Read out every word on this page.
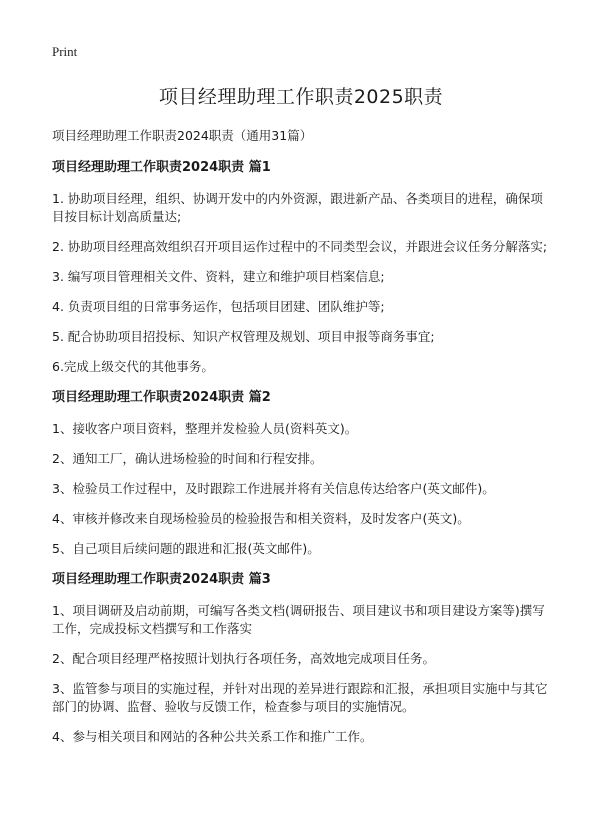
Print
项目经理助理工作职责2025职责
项目经理助理工作职责2024职责（通用31篇）
项目经理助理工作职责2024职责 篇1

1. 协助项目经理，组织、协调开发中的内外资源，跟进新产品、各类项目的进程，确保项目按目标计划高质量达;

2. 协助项目经理高效组织召开项目运作过程中的不同类型会议，并跟进会议任务分解落实;

3. 编写项目管理相关文件、资料，建立和维护项目档案信息;

4. 负责项目组的日常事务运作，包括项目团建、团队维护等;

5. 配合协助项目招投标、知识产权管理及规划、项目申报等商务事宜;

6.完成上级交代的其他事务。

项目经理助理工作职责2024职责 篇2

1、接收客户项目资料，整理并发检验人员(资料英文)。

2、通知工厂，确认进场检验的时间和行程安排。

3、检验员工作过程中，及时跟踪工作进展并将有关信息传达给客户(英文邮件)。

4、审核并修改来自现场检验员的检验报告和相关资料，及时发客户(英文)。

5、自己项目后续问题的跟进和汇报(英文邮件)。

项目经理助理工作职责2024职责 篇3

1、项目调研及启动前期，可编写各类文档(调研报告、项目建议书和项目建设方案等)撰写工作，完成投标文档撰写和工作落实

2、配合项目经理严格按照计划执行各项任务，高效地完成项目任务。

3、监管参与项目的实施过程，并针对出现的差异进行跟踪和汇报，承担项目实施中与其它部门的协调、监督、验收与反馈工作，检查参与项目的实施情况。

4、参与相关项目和网站的各种公共关系工作和推广工作。
